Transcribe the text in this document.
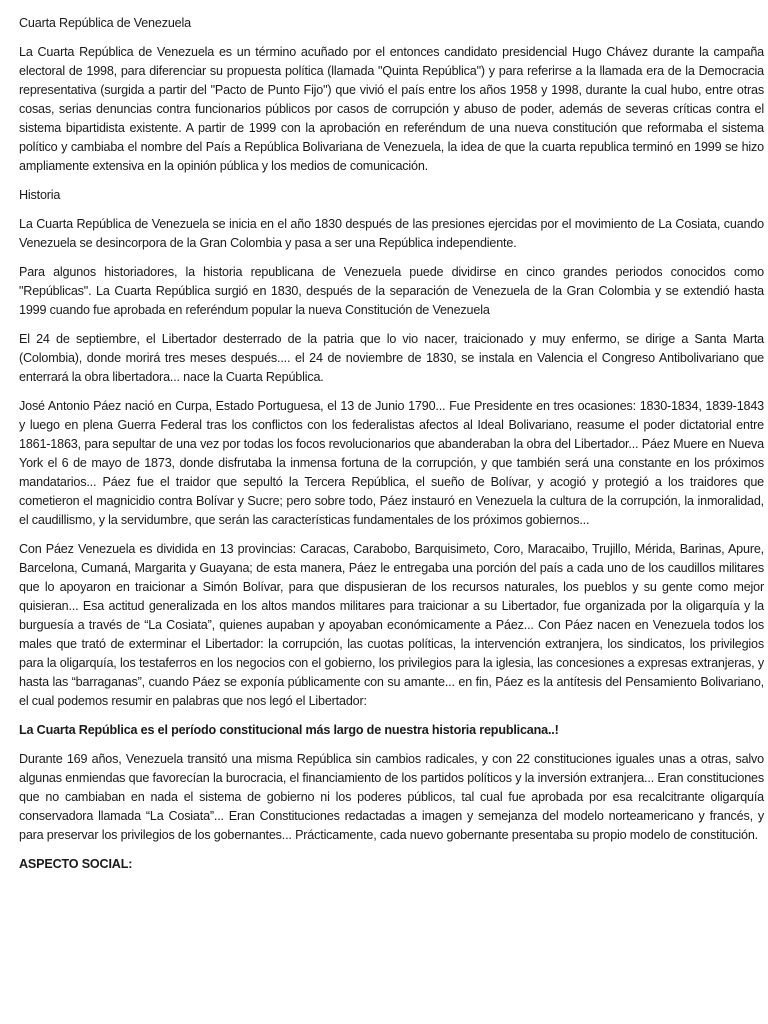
Cuarta República de Venezuela

La Cuarta República de Venezuela es un término acuñado por el entonces candidato presidencial Hugo Chávez durante la campaña electoral de 1998, para diferenciar su propuesta política (llamada "Quinta República") y para referirse a la llamada era de la Democracia representativa (surgida a partir del "Pacto de Punto Fijo") que vivió el país entre los años 1958 y 1998, durante la cual hubo, entre otras cosas, serias denuncias contra funcionarios públicos por casos de corrupción y abuso de poder, además de severas críticas contra el sistema bipartidista existente. A partir de 1999 con la aprobación en referéndum de una nueva constitución que reformaba el sistema político y cambiaba el nombre del País a República Bolivariana de Venezuela, la idea de que la cuarta republica terminó en 1999 se hizo ampliamente extensiva en la opinión pública y los medios de comunicación.

Historia

La Cuarta República de Venezuela se inicia en el año 1830 después de las presiones ejercidas por el movimiento de La Cosiata, cuando Venezuela se desincorpora de la Gran Colombia y pasa a ser una República independiente.

Para algunos historiadores, la historia republicana de Venezuela puede dividirse en cinco grandes periodos conocidos como "Repúblicas". La Cuarta República surgió en 1830, después de la separación de Venezuela de la Gran Colombia y se extendió hasta 1999 cuando fue aprobada en referéndum popular la nueva Constitución de Venezuela

El 24 de septiembre, el Libertador desterrado de la patria que lo vio nacer, traicionado y muy enfermo, se dirige a Santa Marta (Colombia), donde morirá tres meses después.... el 24 de noviembre de 1830, se instala en Valencia el Congreso Antibolivariano que enterrará la obra libertadora... nace la Cuarta República.

José Antonio Páez nació en Curpa, Estado Portuguesa, el 13 de Junio 1790... Fue Presidente en tres ocasiones: 1830-1834, 1839-1843 y luego en plena Guerra Federal tras los conflictos con los federalistas afectos al Ideal Bolivariano, reasume el poder dictatorial entre 1861-1863, para sepultar de una vez por todas los focos revolucionarios que abanderaban la obra del Libertador... Páez Muere en Nueva York el 6 de mayo de 1873, donde disfrutaba la inmensa fortuna de la corrupción, y que también será una constante en los próximos mandatarios... Páez fue el traidor que sepultó la Tercera República, el sueño de Bolívar, y acogió y protegió a los traidores que cometieron el magnicidio contra Bolívar y Sucre; pero sobre todo, Páez instauró en Venezuela la cultura de la corrupción, la inmoralidad, el caudillismo, y la servidumbre, que serán las características fundamentales de los próximos gobiernos...

Con Páez Venezuela es dividida en 13 provincias: Caracas, Carabobo, Barquisimeto, Coro, Maracaibo, Trujillo, Mérida, Barinas, Apure, Barcelona, Cumaná, Margarita y Guayana; de esta manera, Páez le entregaba una porción del país a cada uno de los caudillos militares que lo apoyaron en traicionar a Simón Bolívar, para que dispusieran de los recursos naturales, los pueblos y su gente como mejor quisieran... Esa actitud generalizada en los altos mandos militares para traicionar a su Libertador, fue organizada por la oligarquía y la burguesía a través de “La Cosiata”, quienes aupaban y apoyaban económicamente a Páez... Con Páez nacen en Venezuela todos los males que trató de exterminar el Libertador: la corrupción, las cuotas políticas, la intervención extranjera, los sindicatos, los privilegios para la oligarquía, los testaferros en los negocios con el gobierno, los privilegios para la iglesia, las concesiones a expresas extranjeras, y hasta las “barraganas”, cuando Páez se exponía públicamente con su amante... en fin, Páez es la antítesis del Pensamiento Bolivariano, el cual podemos resumir en palabras que nos legó el Libertador:

La Cuarta República es el período constitucional más largo de nuestra historia republicana..!

Durante 169 años, Venezuela transitó una misma República sin cambios radicales, y con 22 constituciones iguales unas a otras, salvo algunas enmiendas que favorecían la burocracia, el financiamiento de los partidos políticos y la inversión extranjera... Eran constituciones que no cambiaban en nada el sistema de gobierno ni los poderes públicos, tal cual fue aprobada por esa recalcitrante oligarquía conservadora llamada “La Cosiata”... Eran Constituciones redactadas a imagen y semejanza del modelo norteamericano y francés, y para preservar los privilegios de los gobernantes... Prácticamente, cada nuevo gobernante presentaba su propio modelo de constitución.

ASPECTO SOCIAL:
